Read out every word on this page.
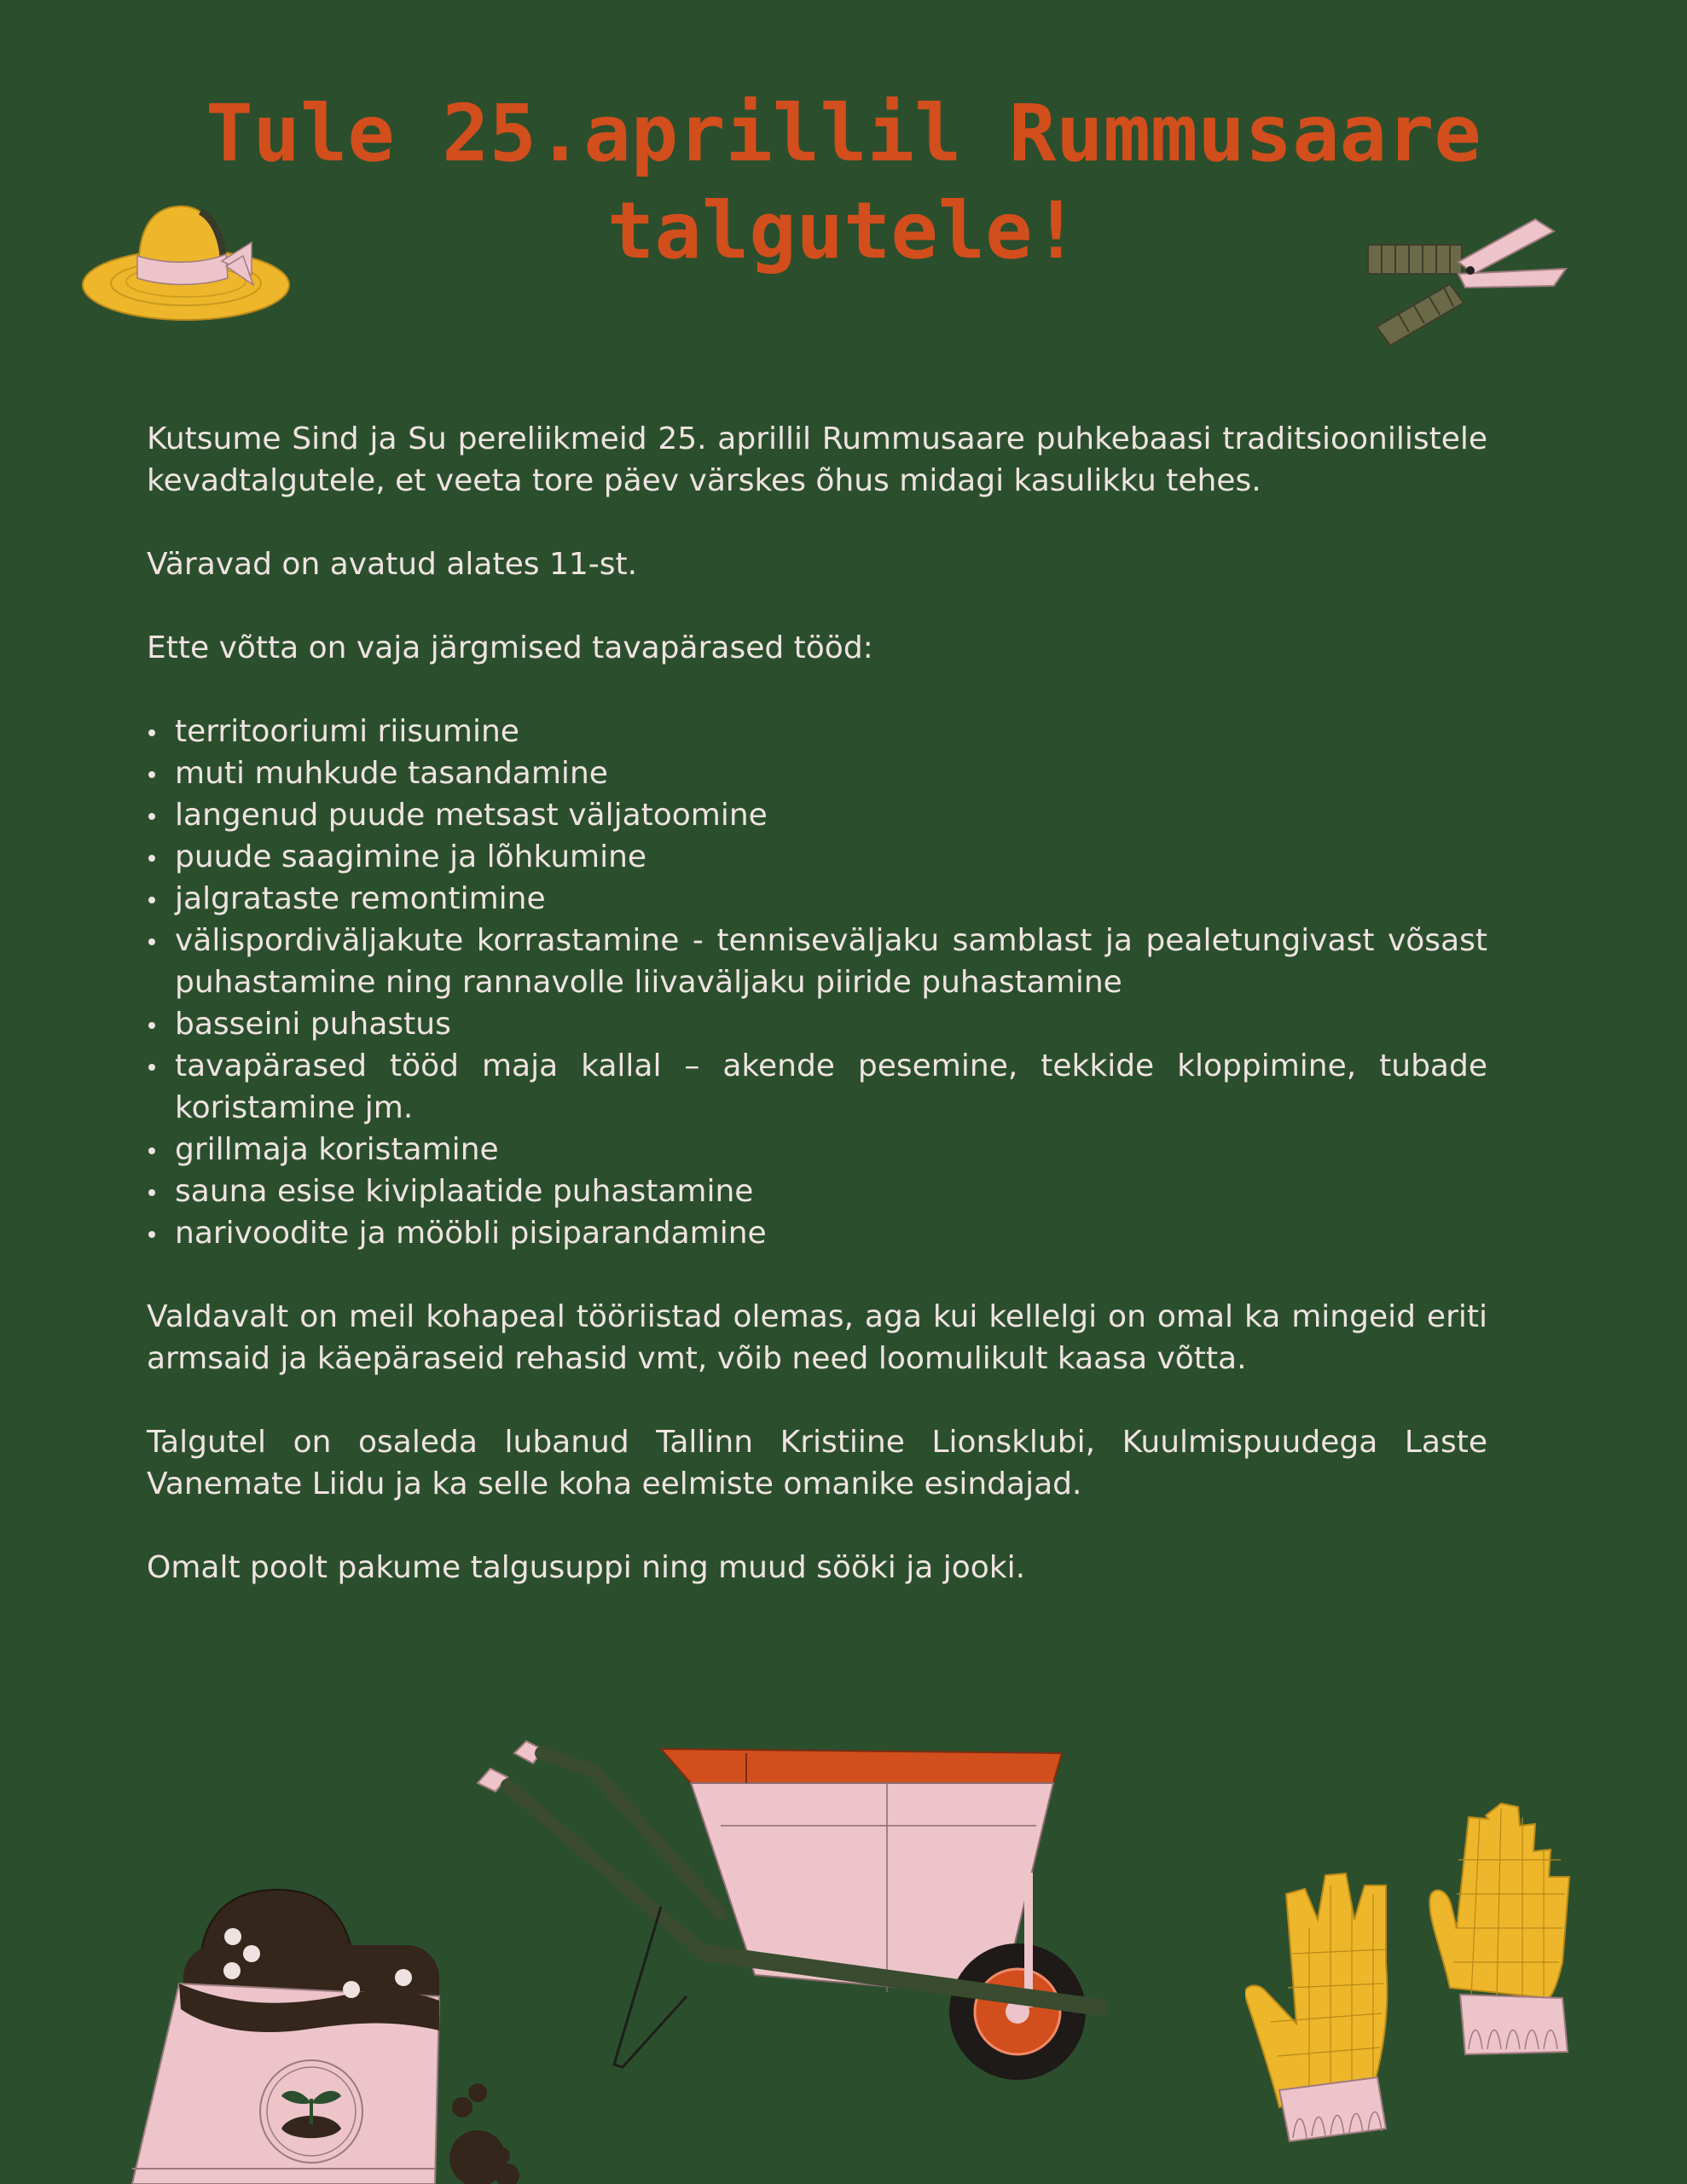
Tule 25.aprillil Rummusaare
talgutele!

Kutsume Sind ja Su pereliikmeid 25. aprillil Rummusaare puhkebaasi traditsioonilistele kevadtalgutele, et veeta tore päev värskes õhus midagi kasulikku tehes.

Väravad on avatud alates 11-st.

Ette võtta on vaja järgmised tavapärased tööd:

territooriumi riisumine
muti muhkude tasandamine
langenud puude metsast väljatoomine
puude saagimine ja lõhkumine
jalgrataste remontimine
välispordiväljakute korrastamine - tenniseväljaku samblast ja pealetungivast võsast puhastamine ning rannavolle liivaväljaku piiride puhastamine
basseini puhastus
tavapärased tööd maja kallal – akende pesemine, tekkide kloppimine, tubade koristamine jm.
grillmaja koristamine
sauna esise kiviplaatide puhastamine
narivoodite ja mööbli pisiparandamine

Valdavalt on meil kohapeal tööriistad olemas, aga kui kellelgi on omal ka mingeid eriti armsaid ja käepäraseid rehasid vmt, võib need loomulikult kaasa võtta.

Talgutel on osaleda lubanud Tallinn Kristiine Lionsklubi, Kuulmispuudega Laste Vanemate Liidu ja ka selle koha eelmiste omanike esindajad.

Omalt poolt pakume talgusuppi ning muud sööki ja jooki.
